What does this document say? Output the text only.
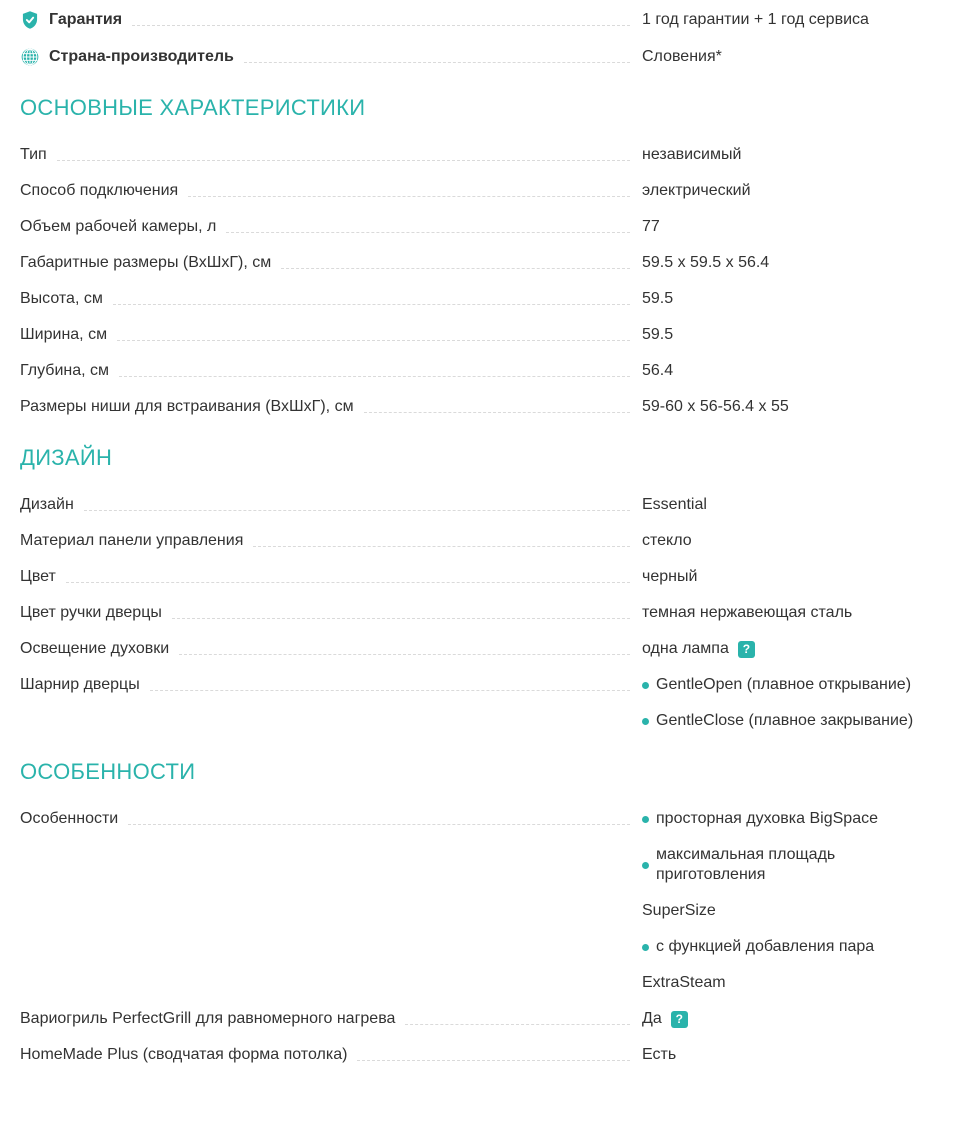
Гарантия	1 год гарантии + 1 год сервиса
Страна-производитель	Словения*
ОСНОВНЫЕ ХАРАКТЕРИСТИКИ
Тип	независимый
Способ подключения	электрический
Объем рабочей камеры, л	77
Габаритные размеры (ВхШхГ), см	59.5 x 59.5 x 56.4
Высота, см	59.5
Ширина, см	59.5
Глубина, см	56.4
Размеры ниши для встраивания (ВхШхГ), см	59-60 x 56-56.4 x 55
ДИЗАЙН
Дизайн	Essential
Материал панели управления	стекло
Цвет	черный
Цвет ручки дверцы	темная нержавеющая сталь
Освещение духовки	одна лампа	?
Шарнир дверцы	GentleOpen (плавное открывание)
GentleClose (плавное закрывание)
ОСОБЕННОСТИ
Особенности	просторная духовка BigSpace
максимальная площадь приготовления
SuperSize
с функцией добавления пара
ExtraSteam
Вариогриль PerfectGrill для равномерного нагрева	Да	?
HomeMade Plus (сводчатая форма потолка)	Есть
